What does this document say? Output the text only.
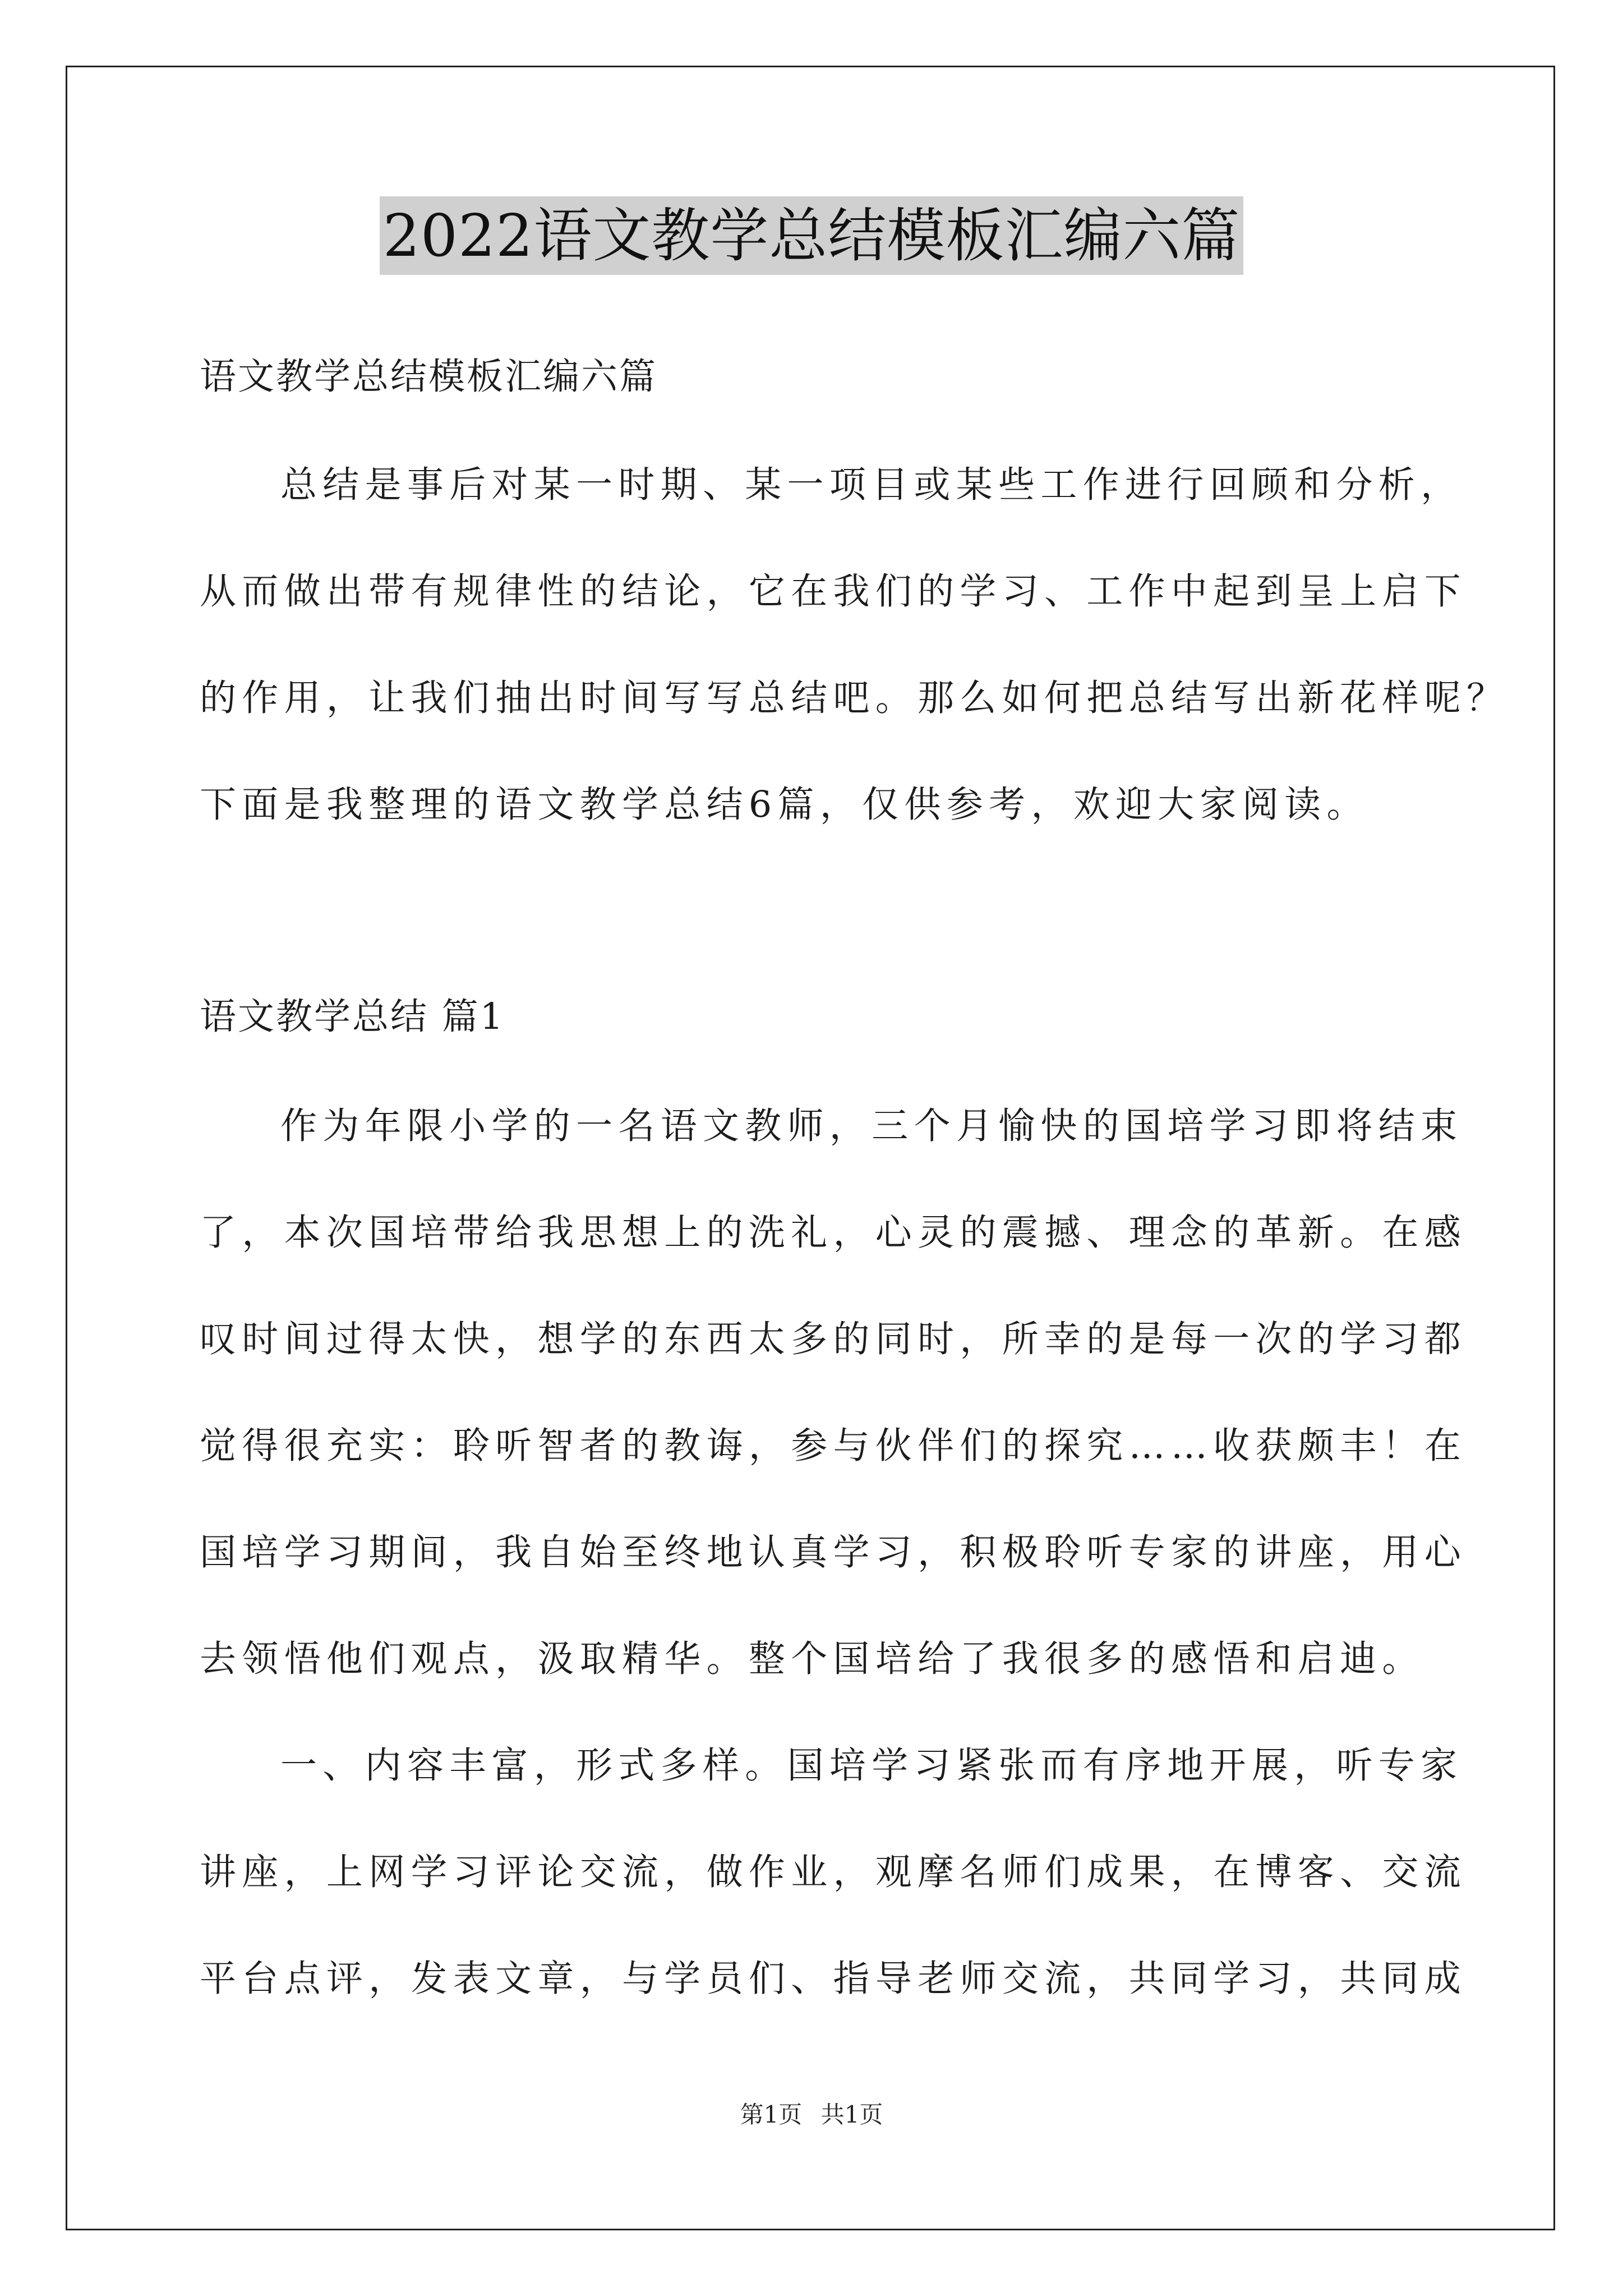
2022语文教学总结模板汇编六篇
语文教学总结模板汇编六篇
总结是事后对某一时期、某一项目或某些工作进行回顾和分析，
从而做出带有规律性的结论，它在我们的学习、工作中起到呈上启下
的作用，让我们抽出时间写写总结吧。那么如何把总结写出新花样呢？
下面是我整理的语文教学总结6篇，仅供参考，欢迎大家阅读。
语文教学总结 篇1
作为年限小学的一名语文教师，三个月愉快的国培学习即将结束
了，本次国培带给我思想上的洗礼，心灵的震撼、理念的革新。在感
叹时间过得太快，想学的东西太多的同时，所幸的是每一次的学习都
觉得很充实：聆听智者的教诲，参与伙伴们的探究……收获颇丰！在
国培学习期间，我自始至终地认真学习，积极聆听专家的讲座，用心
去领悟他们观点，汲取精华。整个国培给了我很多的感悟和启迪。
一、内容丰富，形式多样。国培学习紧张而有序地开展，听专家
讲座，上网学习评论交流，做作业，观摩名师们成果，在博客、交流
平台点评，发表文章，与学员们、指导老师交流，共同学习，共同成
第1页 共1页
